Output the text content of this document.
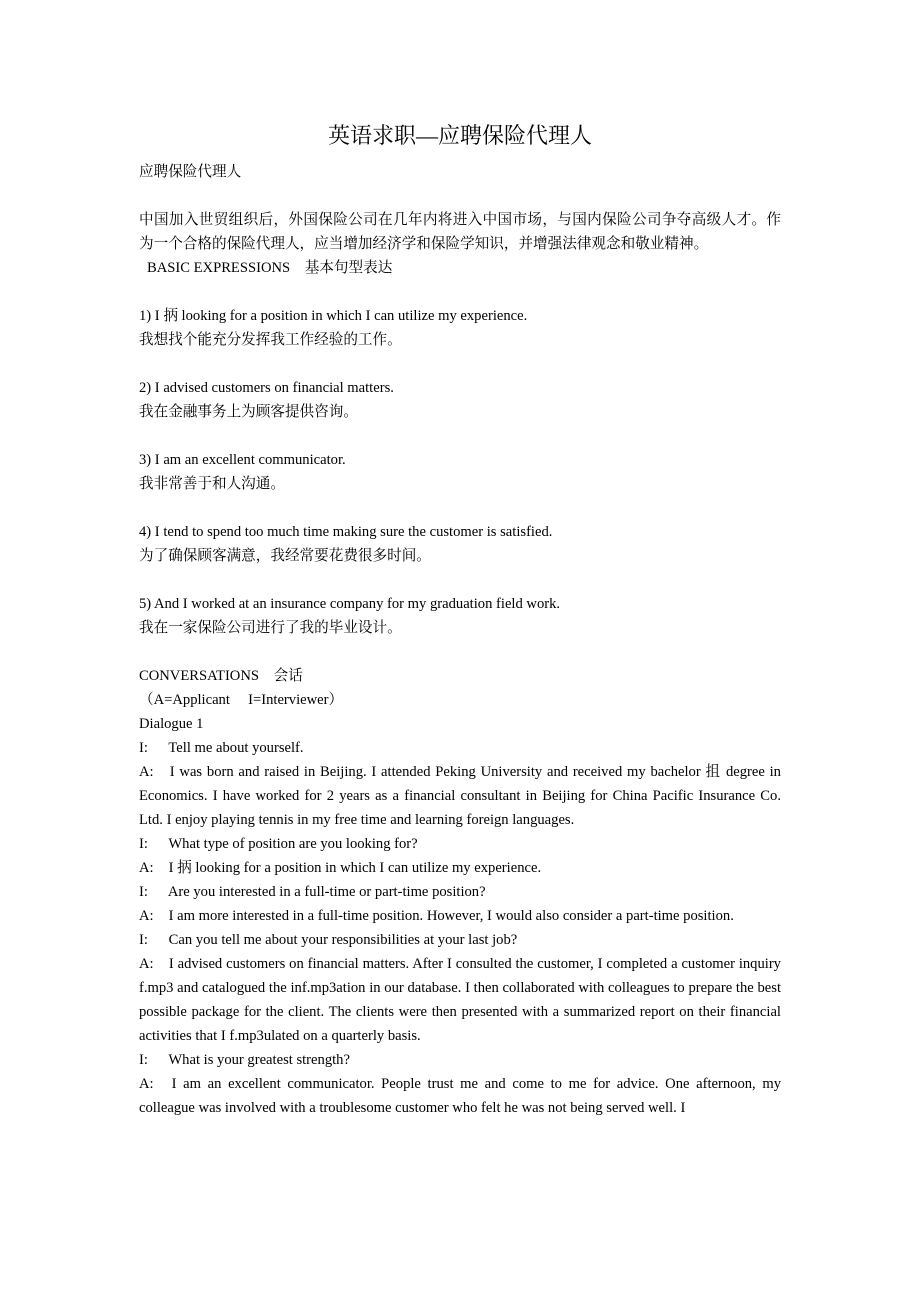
英语求职—应聘保险代理人
应聘保险代理人
中国加入世贸组织后，外国保险公司在几年内将进入中国市场，与国内保险公司争夺高级人才。作为一个合格的保险代理人，应当增加经济学和保险学知识，并增强法律观念和敬业精神。
BASIC EXPRESSIONS　基本句型表达
1) I 抦 looking for a position in which I can utilize my experience.
我想找个能充分发挥我工作经验的工作。
2) I advised customers on financial matters.
我在金融事务上为顾客提供咨询。
3) I am an excellent communicator.
我非常善于和人沟通。
4) I tend to spend too much time making sure the customer is satisfied.
为了确保顾客满意，我经常要花费很多时间。
5) And I worked at an insurance company for my graduation field work.
我在一家保险公司进行了我的毕业设计。
CONVERSATIONS　会话
（A=Applicant　 I=Interviewer）
Dialogue 1
I: Tell me about yourself.
A: I was born and raised in Beijing. I attended Peking University and received my bachelor 抯 degree in Economics. I have worked for 2 years as a financial consultant in Beijing for China Pacific Insurance Co. Ltd. I enjoy playing tennis in my free time and learning foreign languages.
I: What type of position are you looking for?
A: I 抦 looking for a position in which I can utilize my experience.
I: Are you interested in a full-time or part-time position?
A: I am more interested in a full-time position. However, I would also consider a part-time position.
I: Can you tell me about your responsibilities at your last job?
A: I advised customers on financial matters. After I consulted the customer, I completed a customer inquiry f.mp3 and catalogued the inf.mp3ation in our database. I then collaborated with colleagues to prepare the best possible package for the client. The clients were then presented with a summarized report on their financial activities that I f.mp3ulated on a quarterly basis.
I: What is your greatest strength?
A: I am an excellent communicator. People trust me and come to me for advice. One afternoon, my colleague was involved with a troublesome customer who felt he was not being served well. I
